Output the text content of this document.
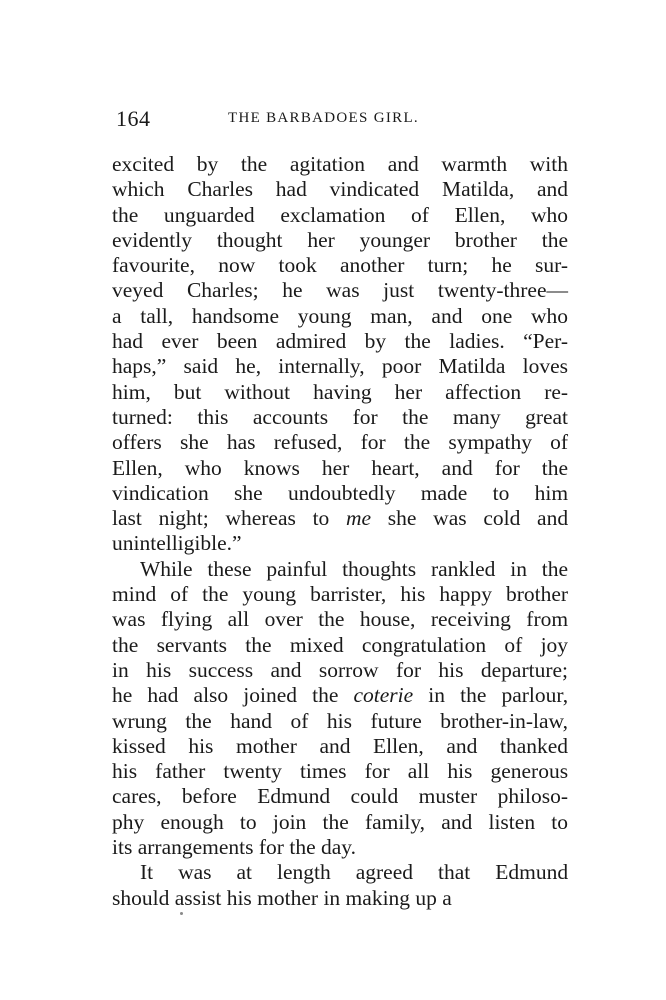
164	THE BARBADOES GIRL.
excited by the agitation and warmth with
which Charles had vindicated Matilda, and
the unguarded exclamation of Ellen, who
evidently thought her younger brother the
favourite, now took another turn; he sur-
veyed Charles; he was just twenty-three—
a tall, handsome young man, and one who
had ever been admired by the ladies. “Per-
haps,” said he, internally, poor Matilda loves
him, but without having her affection re-
turned: this accounts for the many great
offers she has refused, for the sympathy of
Ellen, who knows her heart, and for the
vindication she undoubtedly made to him
last night; whereas to me she was cold and
unintelligible.”
While these painful thoughts rankled in the
mind of the young barrister, his happy brother
was flying all over the house, receiving from
the servants the mixed congratulation of joy
in his success and sorrow for his departure;
he had also joined the coterie in the parlour,
wrung the hand of his future brother-in-law,
kissed his mother and Ellen, and thanked
his father twenty times for all his generous
cares, before Edmund could muster philoso-
phy enough to join the family, and listen to
its arrangements for the day.
It was at length agreed that Edmund
should assist his mother in making up a
